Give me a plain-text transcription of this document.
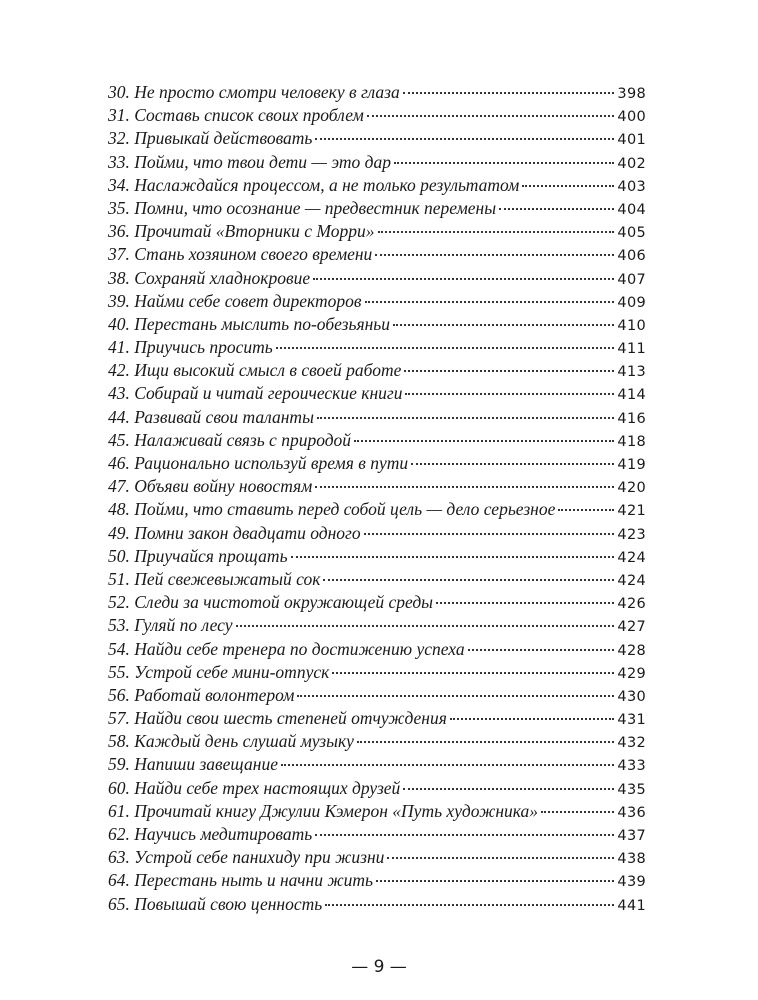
30. Не просто смотри человеку в глаза	398
31. Составь список своих проблем	400
32. Привыкай действовать	401
33. Пойми, что твои дети — это дар	402
34. Наслаждайся процессом, а не только результатом	403
35. Помни, что осознание — предвестник перемены	404
36. Прочитай «Вторники с Морри»	405
37. Стань хозяином своего времени	406
38. Сохраняй хладнокровие	407
39. Найми себе совет директоров	409
40. Перестань мыслить по-обезьяньи	410
41. Приучись просить	411
42. Ищи высокий смысл в своей работе	413
43. Собирай и читай героические книги	414
44. Развивай свои таланты	416
45. Налаживай связь с природой	418
46. Рационально используй время в пути	419
47. Объяви войну новостям	420
48. Пойми, что ставить перед собой цель — дело серьезное	421
49. Помни закон двадцати одного	423
50. Приучайся прощать	424
51. Пей свежевыжатый сок	424
52. Следи за чистотой окружающей среды	426
53. Гуляй по лесу	427
54. Найди себе тренера по достижению успеха	428
55. Устрой себе мини-отпуск	429
56. Работай волонтером	430
57. Найди свои шесть степеней отчуждения	431
58. Каждый день слушай музыку	432
59. Напиши завещание	433
60. Найди себе трех настоящих друзей	435
61. Прочитай книгу Джулии Кэмерон «Путь художника»	436
62. Научись медитировать	437
63. Устрой себе панихиду при жизни	438
64. Перестань ныть и начни жить	439
65. Повышай свою ценность	441
— 9 —
